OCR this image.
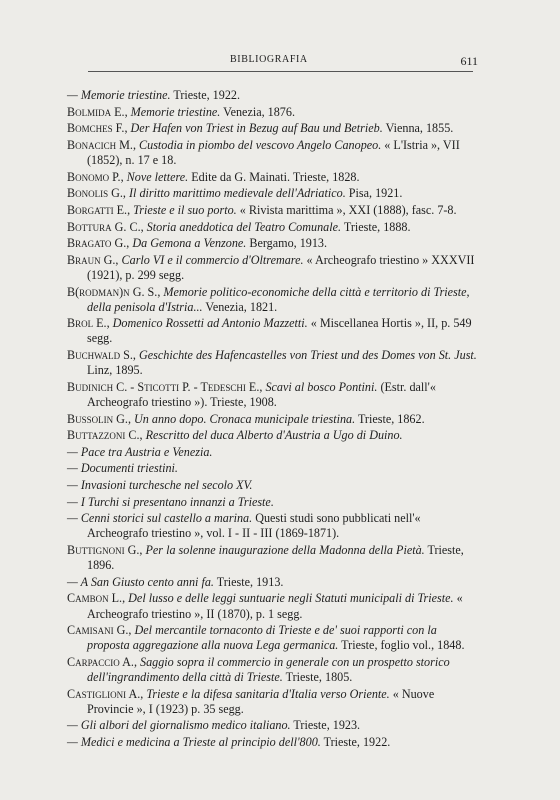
BIBLIOGRAFIA	611

— Memorie triestine. Trieste, 1922.

Bolmida E., Memorie triestine. Venezia, 1876.

Bomches F., Der Hafen von Triest in Bezug auf Bau und Betrieb. Vienna, 1855.

Bonacich M., Custodia in piombo del vescovo Angelo Canopeo. « L'Istria », VII (1852), n. 17 e 18.

Bonomo P., Nove lettere. Edite da G. Mainati. Trieste, 1828.

Bonolis G., Il diritto marittimo medievale dell'Adriatico. Pisa, 1921.

Borgatti E., Trieste e il suo porto. « Rivista marittima », XXI (1888), fasc. 7-8.

Bottura G. C., Storia aneddotica del Teatro Comunale. Trieste, 1888.

Bragato G., Da Gemona a Venzone. Bergamo, 1913.

Braun G., Carlo VI e il commercio d'Oltremare. « Archeografo triestino » XXXVII (1921), p. 299 segg.

B(rodman)n G. S., Memorie politico-economiche della città e territorio di Trieste, della penisola d'Istria... Venezia, 1821.

Brol E., Domenico Rossetti ad Antonio Mazzetti. « Miscellanea Hortis », II, p. 549 segg.

Buchwald S., Geschichte des Hafencastelles von Triest und des Domes von St. Just. Linz, 1895.

Budinich C. - Sticotti P. - Tedeschi E., Scavi al bosco Pontini. (Estr. dall'« Archeografo triestino »). Trieste, 1908.

Bussolin G., Un anno dopo. Cronaca municipale triestina. Trieste, 1862.

Buttazzoni C., Rescritto del duca Alberto d'Austria a Ugo di Duino.

— Pace tra Austria e Venezia.

— Documenti triestini.

— Invasioni turchesche nel secolo XV.

— I Turchi si presentano innanzi a Trieste.

— Cenni storici sul castello a marina. Questi studi sono pubblicati nell'« Archeografo triestino », vol. I - II - III (1869-1871).

Buttignoni G., Per la solenne inaugurazione della Madonna della Pietà. Trieste, 1896.

— A San Giusto cento anni fa. Trieste, 1913.

Cambon L., Del lusso e delle leggi suntuarie negli Statuti municipali di Trieste. « Archeografo triestino », II (1870), p. 1 segg.

Camisani G., Del mercantile tornaconto di Trieste e de' suoi rapporti con la proposta aggregazione alla nuova Lega germanica. Trieste, foglio vol., 1848.

Carpaccio A., Saggio sopra il commercio in generale con un prospetto storico dell'ingrandimento della città di Trieste. Trieste, 1805.

Castiglioni A., Trieste e la difesa sanitaria d'Italia verso Oriente. « Nuove Provincie », I (1923) p. 35 segg.

— Gli albori del giornalismo medico italiano. Trieste, 1923.

— Medici e medicina a Trieste al principio dell'800. Trieste, 1922.
